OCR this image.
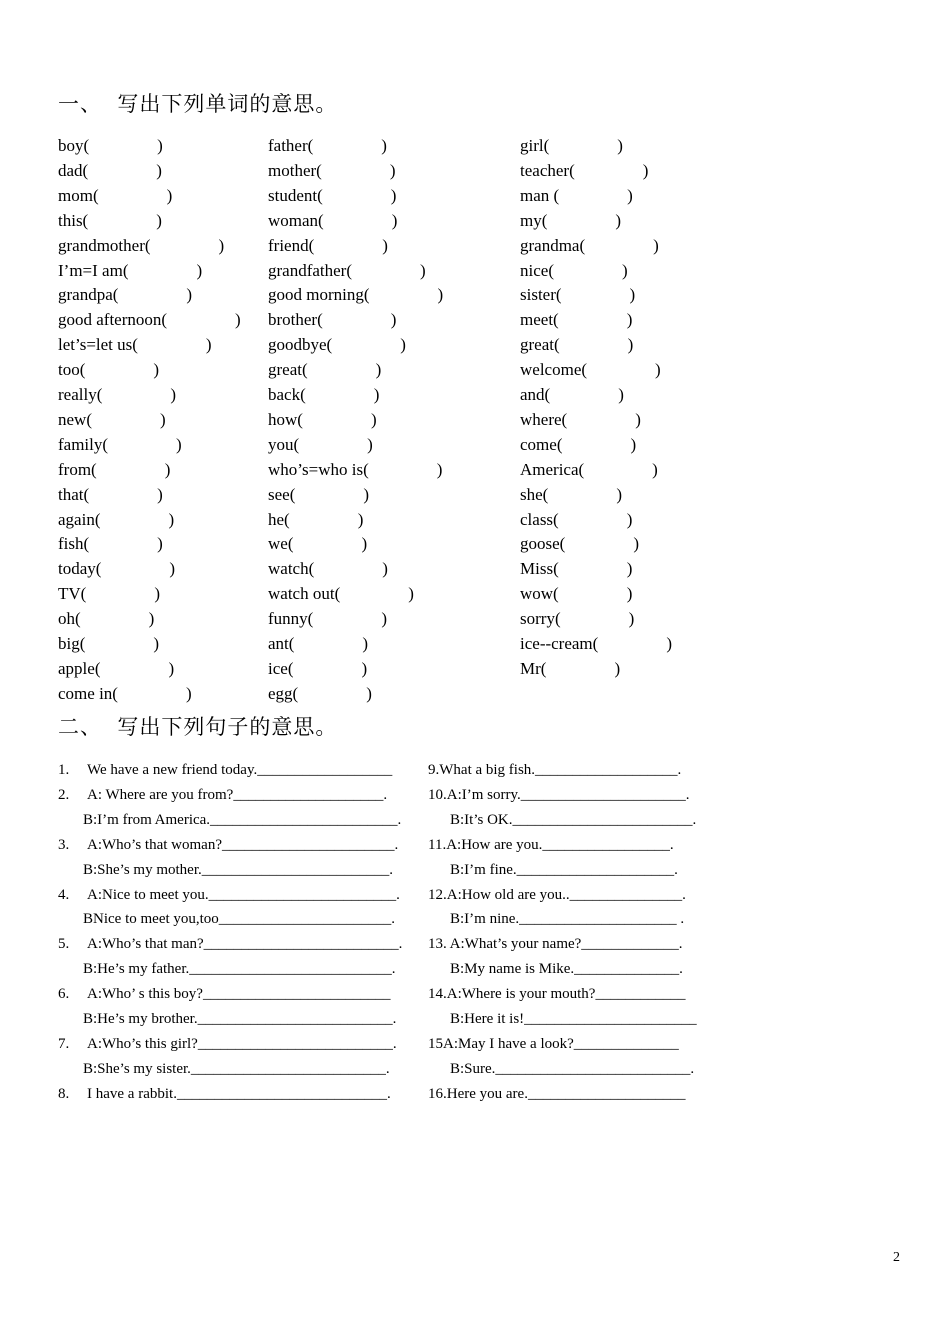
一、  写出下列单词的意思。
boy(                )	father(                )	girl(                )
dad(                )	mother(                )	teacher(                )
mom(                )	student(                )	man (                )
this(                )	woman(                )	my(                )
grandmother(                )	friend(                )	grandma(                )
I’m=I am(                )	grandfather(                )	nice(                )
grandpa(                )	good morning(                )	sister(                )
good afternoon(                ) brother(                )	meet(                )
let’s=let us(                )	goodbye(                )	great(                )
too(                )	great(                )	welcome(                )
really(                )	back(                )	and(                )
new(                )	how(                )	where(                )
family(                )	you(                )	come(                )
from(                )	who’s=who is(                )	America(                )
that(                )	see(                )	she(                )
again(                )	he(                )	class(                )
fish(                )	we(                )	goose(                )
today(                )	watch(                )	Miss(                )
TV(                )	watch out(                )	wow(                )
oh(                )	funny(                )	sorry(                )
big(                )	ant(                )	ice--cream(                )
apple(                )	ice(                )	Mr(                )
come in(                )	egg(                )
二、  写出下列句子的意思。
1. We have a new friend today.__________________ 9.What a big fish.___________________.
2. A: Where are you from?____________________.	10.A:I’m sorry.______________________.
B:I’m from America._________________________.	B:It’s OK.________________________.
3. A:Who’s that woman?_______________________. 11.A:How are you._________________.
B:She’s my mother._________________________.	B:I’m fine._____________________.
4. A:Nice to meet you._________________________. 12.A:How old are you.._______________.
BNice to meet you,too_______________________.	B:I’m nine._____________________ .
5. A:Who’s that man?__________________________. 13. A:What’s your name?_____________.
B:He’s my father.___________________________.	B:My name is Mike.______________.
6. A:Who’ s this boy?_________________________	14.A:Where is your mouth?____________
B:He’s my brother.__________________________.	B:Here it is!_______________________
7. A:Who’s this girl?__________________________. 15A:May I have a look?______________
B:She’s my sister.__________________________.	B:Sure.__________________________.
8. I have a rabbit.____________________________. 16.Here you are._____________________
2
